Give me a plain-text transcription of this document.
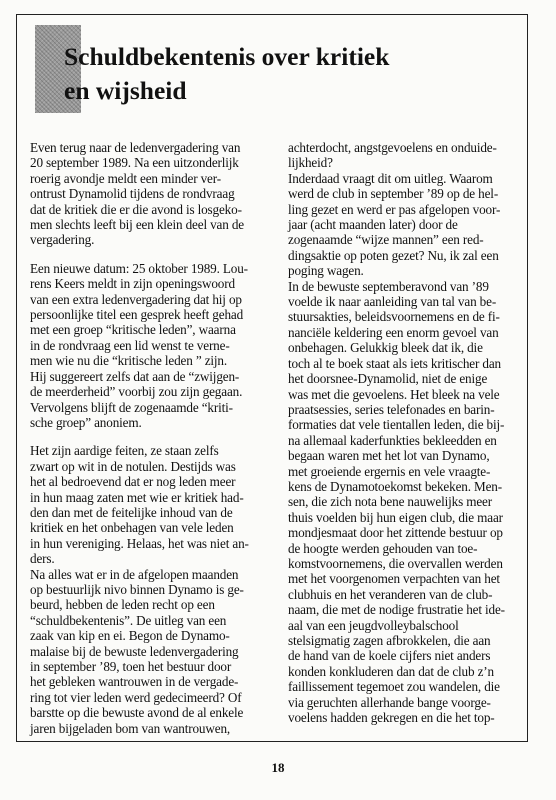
Schuldbekentenis over kritiek
en wijsheid

Even terug naar de ledenvergadering van
20 september 1989. Na een uitzonderlijk
roerig avondje meldt een minder ver-
ontrust Dynamolid tijdens de rondvraag
dat de kritiek die er die avond is losgeko-
men slechts leeft bij een klein deel van de
vergadering.

Een nieuwe datum: 25 oktober 1989. Lou-
rens Keers meldt in zijn openingswoord
van een extra ledenvergadering dat hij op
persoonlijke titel een gesprek heeft gehad
met een groep “kritische leden”, waarna
in de rondvraag een lid wenst te verne-
men wie nu die “kritische leden ” zijn.
Hij suggereert zelfs dat aan de “zwijgen-
de meerderheid” voorbij zou zijn gegaan.
Vervolgens blijft de zogenaamde “kriti-
sche groep” anoniem.

Het zijn aardige feiten, ze staan zelfs
zwart op wit in de notulen. Destijds was
het al bedroevend dat er nog leden meer
in hun maag zaten met wie er kritiek had-
den dan met de feitelijke inhoud van de
kritiek en het onbehagen van vele leden
in hun vereniging. Helaas, het was niet an-
ders.

Na alles wat er in de afgelopen maanden
op bestuurlijk nivo binnen Dynamo is ge-
beurd, hebben de leden recht op een
“schuldbekentenis”. De uitleg van een
zaak van kip en ei. Begon de Dynamo-
malaise bij de bewuste ledenvergadering
in september ’89, toen het bestuur door
het gebleken wantrouwen in de vergade-
ring tot vier leden werd gedecimeerd? Of
barstte op die bewuste avond de al enkele
jaren bijgeladen bom van wantrouwen,

achterdocht, angstgevoelens en onduide-
lijkheid?
Inderdaad vraagt dit om uitleg. Waarom
werd de club in september ’89 op de hel-
ling gezet en werd er pas afgelopen voor-
jaar (acht maanden later) door de
zogenaamde “wijze mannen” een red-
dingsaktie op poten gezet? Nu, ik zal een
poging wagen.

In de bewuste septemberavond van ’89
voelde ik naar aanleiding van tal van be-
stuursakties, beleidsvoornemens en de fi-
nanciële keldering een enorm gevoel van
onbehagen. Gelukkig bleek dat ik, die
toch al te boek staat als iets kritischer dan
het doorsnee-Dynamolid, niet de enige
was met die gevoelens. Het bleek na vele
praatsessies, series telefonades en barin-
formaties dat vele tientallen leden, die bij-
na allemaal kaderfunkties bekleedden en
begaan waren met het lot van Dynamo,
met groeiende ergernis en vele vraagte-
kens de Dynamotoekomst bekeken. Men-
sen, die zich nota bene nauwelijks meer
thuis voelden bij hun eigen club, die maar
mondjesmaat door het zittende bestuur op
de hoogte werden gehouden van toe-
komstvoornemens, die overvallen werden
met het voorgenomen verpachten van het
clubhuis en het veranderen van de club-
naam, die met de nodige frustratie het ide-
aal van een jeugdvolleybalschool
stelsigmatig zagen afbrokkelen, die aan
de hand van de koele cijfers niet anders
konden konkluderen dan dat de club z’n
faillissement tegemoet zou wandelen, die
via geruchten allerhande bange voorge-
voelens hadden gekregen en die het top-

18
